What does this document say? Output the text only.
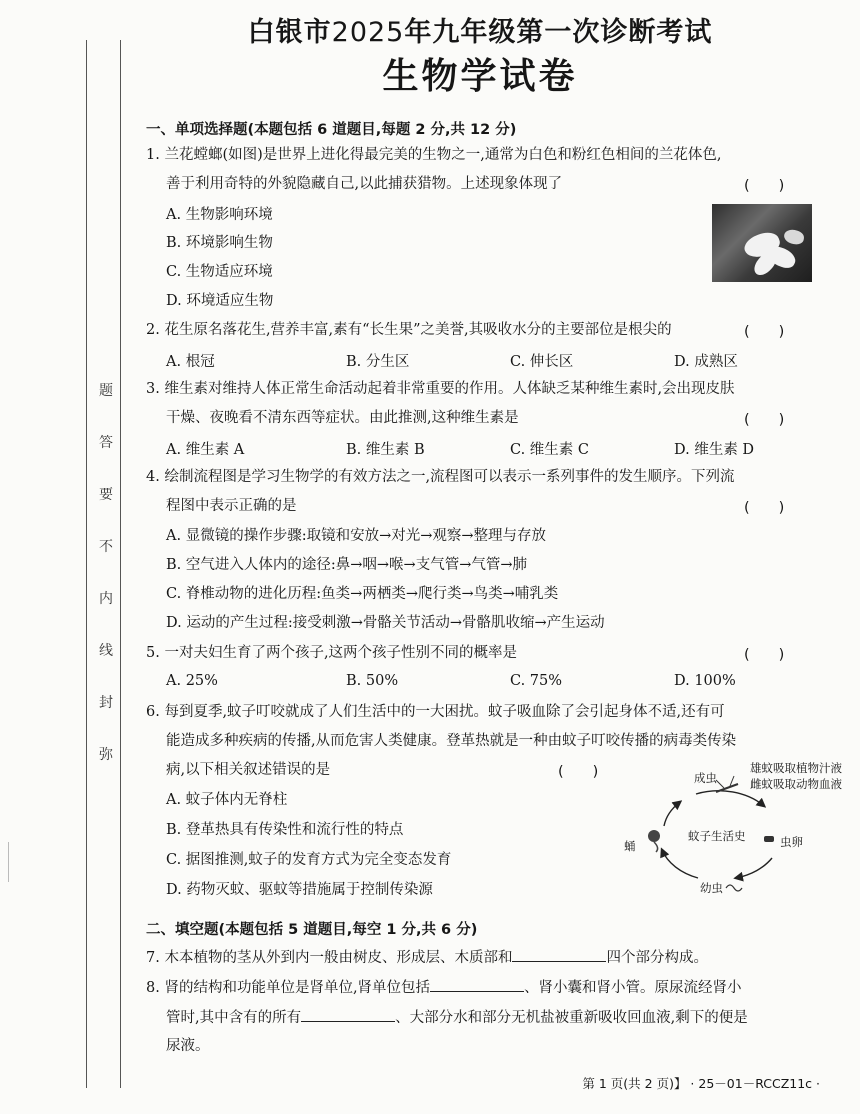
题
答
要
不
内
线
封
弥
白银市2025年九年级第一次诊断考试
生物学试卷
一、单项选择题(本题包括 6 道题目,每题 2 分,共 12 分)
1. 兰花螳螂(如图)是世界上进化得最完美的生物之一,通常为白色和粉红色相间的兰花体色,
善于利用奇特的外貌隐藏自己,以此捕获猎物。上述现象体现了	(　　)
A. 生物影响环境
B. 环境影响生物
C. 生物适应环境
D. 环境适应生物
2. 花生原名落花生,营养丰富,素有“长生果”之美誉,其吸收水分的主要部位是根尖的	(　　)
A. 根冠	B. 分生区	C. 伸长区	D. 成熟区
3. 维生素对维持人体正常生命活动起着非常重要的作用。人体缺乏某种维生素时,会出现皮肤
干燥、夜晚看不清东西等症状。由此推测,这种维生素是	(　　)
A. 维生素 A	B. 维生素 B	C. 维生素 C	D. 维生素 D
4. 绘制流程图是学习生物学的有效方法之一,流程图可以表示一系列事件的发生顺序。下列流
程图中表示正确的是	(　　)
A. 显微镜的操作步骤:取镜和安放→对光→观察→整理与存放
B. 空气进入人体内的途径:鼻→咽→喉→支气管→气管→肺
C. 脊椎动物的进化历程:鱼类→两栖类→爬行类→鸟类→哺乳类
D. 运动的产生过程:接受刺激→骨骼关节活动→骨骼肌收缩→产生运动
5. 一对夫妇生育了两个孩子,这两个孩子性别不同的概率是	(　　)
A. 25%	B. 50%	C. 75%	D. 100%
6. 每到夏季,蚊子叮咬就成了人们生活中的一大困扰。蚊子吸血除了会引起身体不适,还有可
能造成多种疾病的传播,从而危害人类健康。登革热就是一种由蚊子叮咬传播的病毒类传染
病,以下相关叙述错误的是	(　　)
A. 蚊子体内无脊柱
B. 登革热具有传染性和流行性的特点
C. 据图推测,蚊子的发育方式为完全变态发育
D. 药物灭蚊、驱蚊等措施属于控制传染源
成虫
雄蚊吸取植物汁液
雌蚊吸取动物血液
蚊子生活史	虫卵
幼虫
蛹
二、填空题(本题包括 5 道题目,每空 1 分,共 6 分)
7. 木本植物的茎从外到内一般由树皮、形成层、木质部和	四个部分构成。
8. 肾的结构和功能单位是肾单位,肾单位包括	、肾小囊和肾小管。原尿流经肾小
管时,其中含有的所有	、大部分水和部分无机盐被重新吸收回血液,剩下的便是
尿液。
第 1 页(共 2 页)】 · 25－01－RCCZ11c ·
